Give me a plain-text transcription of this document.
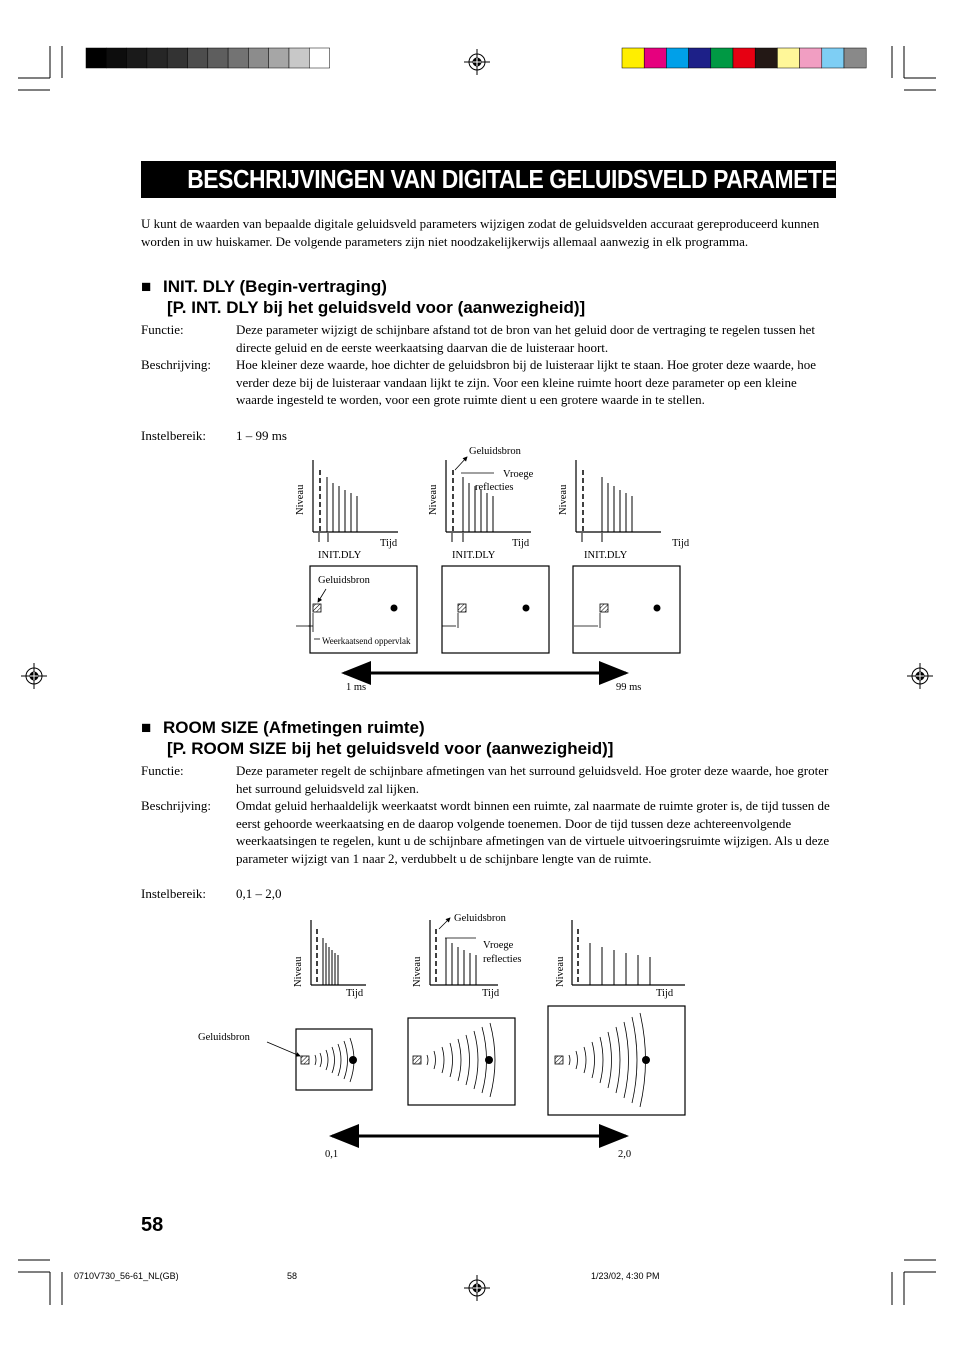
BESCHRIJVINGEN VAN DIGITALE GELUIDSVELD PARAMETERS
U kunt de waarden van bepaalde digitale geluidsveld parameters wijzigen zodat de geluidsvelden accuraat gereproduceerd kunnen worden in uw huiskamer. De volgende parameters zijn niet noodzakelijkerwijs allemaal aanwezig in elk programma.
■ INIT. DLY (Begin-vertraging)
[P. INT. DLY bij het geluidsveld voor (aanwezigheid)]
Functie:	Deze parameter wijzigt de schijnbare afstand tot de bron van het geluid door de vertraging te regelen tussen het directe geluid en de eerste weerkaatsing daarvan die de luisteraar hoort.
Beschrijving:	Hoe kleiner deze waarde, hoe dichter de geluidsbron bij de luisteraar lijkt te staan. Hoe groter deze waarde, hoe verder deze bij de luisteraar vandaan lijkt te zijn. Voor een kleine ruimte hoort deze parameter op een kleine waarde ingesteld te worden, voor een grote ruimte dient u een grotere waarde in te stellen.
Instelbereik:	1 – 99 ms
Niveau
Tijd
INIT.DLY
Niveau
Tijd
INIT.DLY
Geluidsbron
Vroege
reflecties	Niveau
Tijd
INIT.DLY
Geluidsbron
Weerkaatsend oppervlak
1 ms	99 ms
■ ROOM SIZE (Afmetingen ruimte)
[P. ROOM SIZE bij het geluidsveld voor (aanwezigheid)]
Functie:	Deze parameter regelt de schijnbare afmetingen van het surround geluidsveld. Hoe groter deze waarde, hoe groter het surround geluidsveld zal lijken.
Beschrijving:	Omdat geluid herhaaldelijk weerkaatst wordt binnen een ruimte, zal naarmate de ruimte groter is, de tijd tussen de eerst gehoorde weerkaatsing en de daarop volgende toenemen. Door de tijd tussen deze achtereenvolgende weerkaatsingen te regelen, kunt u de schijnbare afmetingen van de virtuele uitvoeringsruimte wijzigen. Als u deze parameter wijzigt van 1 naar 2, verdubbelt u de schijnbare lengte van de ruimte.
Instelbereik:	0,1 – 2,0
Niveau
Tijd
Niveau
Tijd
Geluidsbron
Vroege
reflecties	Niveau
Tijd
Geluidsbron
0,1	2,0
58
0710V730_56-61_NL(GB)	58	1/23/02, 4:30 PM
